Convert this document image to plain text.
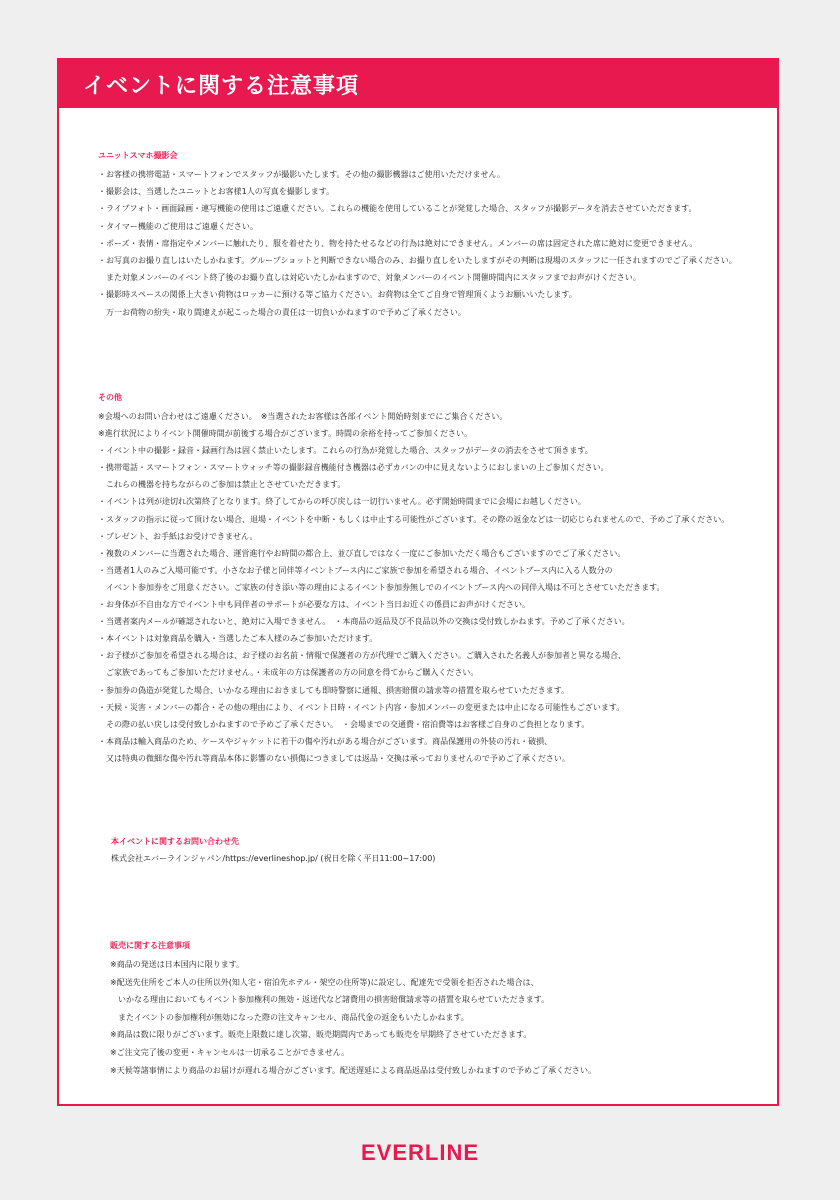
イベントに関する注意事項
ユニットスマホ撮影会
・お客様の携帯電話・スマートフォンでスタッフが撮影いたします。その他の撮影機器はご使用いただけません。
・撮影会は、当選したユニットとお客様1人の写真を撮影します。
・ライブフォト・画面録画・連写機能の使用はご遠慮ください。これらの機能を使用していることが発覚した場合、スタッフが撮影データを消去させていただきます。
・タイマー機能のご使用はご遠慮ください。
・ポーズ・表情・席指定やメンバーに触れたり、服を着せたり、物を持たせるなどの行為は絶対にできません。メンバーの席は固定された席に絶対に変更できません。
・お写真のお撮り直しはいたしかねます。グループショットと判断できない場合のみ、お撮り直しをいたしますがその判断は現場のスタッフに一任されますのでご了承ください。
　また対象メンバーのイベント終了後のお撮り直しは対応いたしかねますので、対象メンバーのイベント開催時間内にスタッフまでお声がけください。
・撮影時スペースの関係上大きい荷物はロッカーに預ける等ご協力ください。お荷物は全てご自身で管理頂くようお願いいたします。
　万一お荷物の紛失・取り間違えが起こった場合の責任は一切負いかねますので予めご了承ください。
その他
※会場へのお問い合わせはご遠慮ください。　※当選されたお客様は各部イベント開始時刻までにご集合ください。
※進行状況によりイベント開催時間が前後する場合がございます。時間の余裕を持ってご参加ください。
・イベント中の撮影・録音・録画行為は固く禁止いたします。これらの行為が発覚した場合、スタッフがデータの消去をさせて頂きます。
・携帯電話・スマートフォン・スマートウォッチ等の撮影録音機能付き機器は必ずカバンの中に見えないようにおしまいの上ご参加ください。
　これらの機器を持ちながらのご参加は禁止とさせていただきます。
・イベントは列が途切れ次第終了となります。終了してからの呼び戻しは一切行いません。必ず開始時間までに会場にお越しください。
・スタッフの指示に従って頂けない場合、退場・イベントを中断・もしくは中止する可能性がございます。その際の返金などは一切応じられませんので、予めご了承ください。
・プレゼント、お手紙はお受けできません。
・複数のメンバーに当選された場合、運営進行やお時間の都合上、並び直しではなく一度にご参加いただく場合もございますのでご了承ください。
・当選者1人のみご入場可能です。小さなお子様と同伴等イベントブース内にご家族で参加を希望される場合、イベントブース内に入る人数分の
　イベント参加券をご用意ください。ご家族の付き添い等の理由によるイベント参加券無しでのイベントブース内への同伴入場は不可とさせていただきます。
・お身体が不自由な方でイベント中も同伴者のサポートが必要な方は、イベント当日お近くの係員にお声がけください。
・当選者案内メールが確認されないと、絶対に入場できません。　・本商品の返品及び不良品以外の交換は受付致しかねます。予めご了承ください。
・本イベントは対象商品を購入・当選したご本人様のみご参加いただけます。
・お子様がご参加を希望される場合は、お子様のお名前・情報で保護者の方が代理でご購入ください。ご購入された名義人が参加者と異なる場合、
　ご家族であってもご参加いただけません。・未成年の方は保護者の方の同意を得てからご購入ください。
・参加券の偽造が発覚した場合、いかなる理由におきましても即時警察に通報、損害賠償の請求等の措置を取らせていただきます。
・天候・災害・メンバーの都合・その他の理由により、イベント日時・イベント内容・参加メンバーの変更または中止になる可能性もございます。
　その際の払い戻しは受付致しかねますので予めご了承ください。　・会場までの交通費・宿泊費等はお客様ご自身のご負担となります。
・本商品は輸入商品のため、ケースやジャケットに若干の傷や汚れがある場合がございます。商品保護用の外装の汚れ・破損、
　又は特典の微細な傷や汚れ等商品本体に影響のない損傷につきましては返品・交換は承っておりませんので予めご了承ください。
本イベントに関するお問い合わせ先
株式会社エバーラインジャパン/https://everlineshop.jp/ (祝日を除く平日11:00~17:00)
販売に関する注意事項
※商品の発送は日本国内に限ります。
※配送先住所をご本人の住所以外(知人宅・宿泊先ホテル・架空の住所等)に設定し、配達先で受領を拒否された場合は、
　いかなる理由においてもイベント参加権利の無効・返送代など諸費用の損害賠償請求等の措置を取らせていただきます。
　またイベントの参加権利が無効になった際の注文キャンセル、商品代金の返金もいたしかねます。
※商品は数に限りがございます。販売上限数に達し次第、販売期間内であっても販売を早期終了させていただきます。
※ご注文完了後の変更・キャンセルは一切承ることができません。
※天候等諸事情により商品のお届けが遅れる場合がございます。配送遅延による商品返品は受付致しかねますので予めご了承ください。
EVERLINE
